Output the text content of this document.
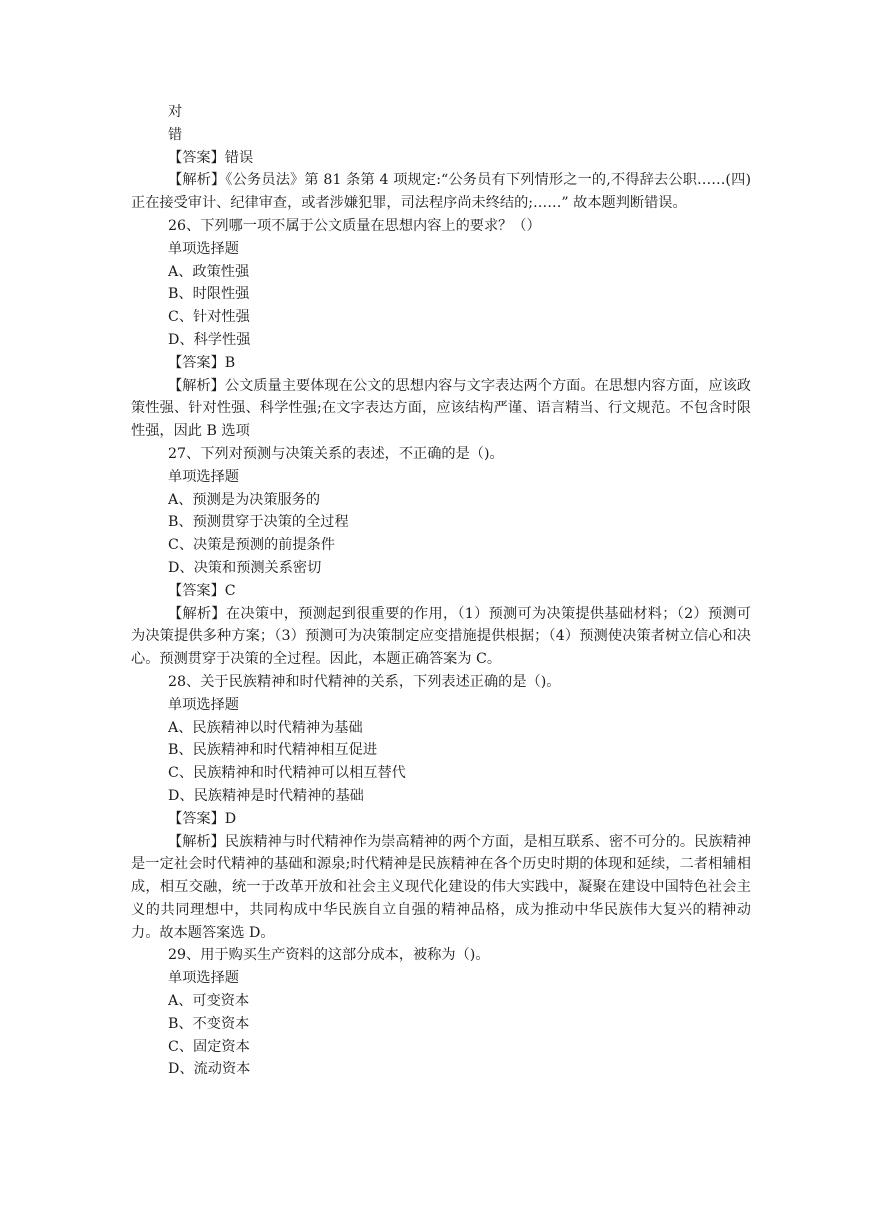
对
错
【答案】错误

【解析】《公务员法》第 81 条第 4 项规定:“公务员有下列情形之一的,不得辞去公职……(四)正在接受审计、纪律审查，或者涉嫌犯罪，司法程序尚未终结的;……” 故本题判断错误。

26、下列哪一项不属于公文质量在思想内容上的要求？（）
单项选择题
A、政策性强
B、时限性强
C、针对性强
D、科学性强
【答案】B

【解析】公文质量主要体现在公文的思想内容与文字表达两个方面。在思想内容方面，应该政策性强、针对性强、科学性强;在文字表达方面，应该结构严谨、语言精当、行文规范。不包含时限性强，因此 B 选项

27、下列对预测与决策关系的表述，不正确的是（)。
单项选择题
A、预测是为决策服务的
B、预测贯穿于决策的全过程
C、决策是预测的前提条件
D、决策和预测关系密切
【答案】C

【解析】在决策中，预测起到很重要的作用，（1）预测可为决策提供基础材料；（2）预测可为决策提供多种方案；（3）预测可为决策制定应变措施提供根据；（4）预测使决策者树立信心和决心。预测贯穿于决策的全过程。因此，本题正确答案为 C。

28、关于民族精神和时代精神的关系，下列表述正确的是（)。
单项选择题
A、民族精神以时代精神为基础
B、民族精神和时代精神相互促进
C、民族精神和时代精神可以相互替代
D、民族精神是时代精神的基础
【答案】D

【解析】民族精神与时代精神作为崇高精神的两个方面，是相互联系、密不可分的。民族精神是一定社会时代精神的基础和源泉;时代精神是民族精神在各个历史时期的体现和延续，二者相辅相成，相互交融，统一于改革开放和社会主义现代化建设的伟大实践中，凝聚在建设中国特色社会主义的共同理想中，共同构成中华民族自立自强的精神品格，成为推动中华民族伟大复兴的精神动力。故本题答案选 D。

29、用于购买生产资料的这部分成本，被称为（)。
单项选择题
A、可变资本
B、不变资本
C、固定资本
D、流动资本
